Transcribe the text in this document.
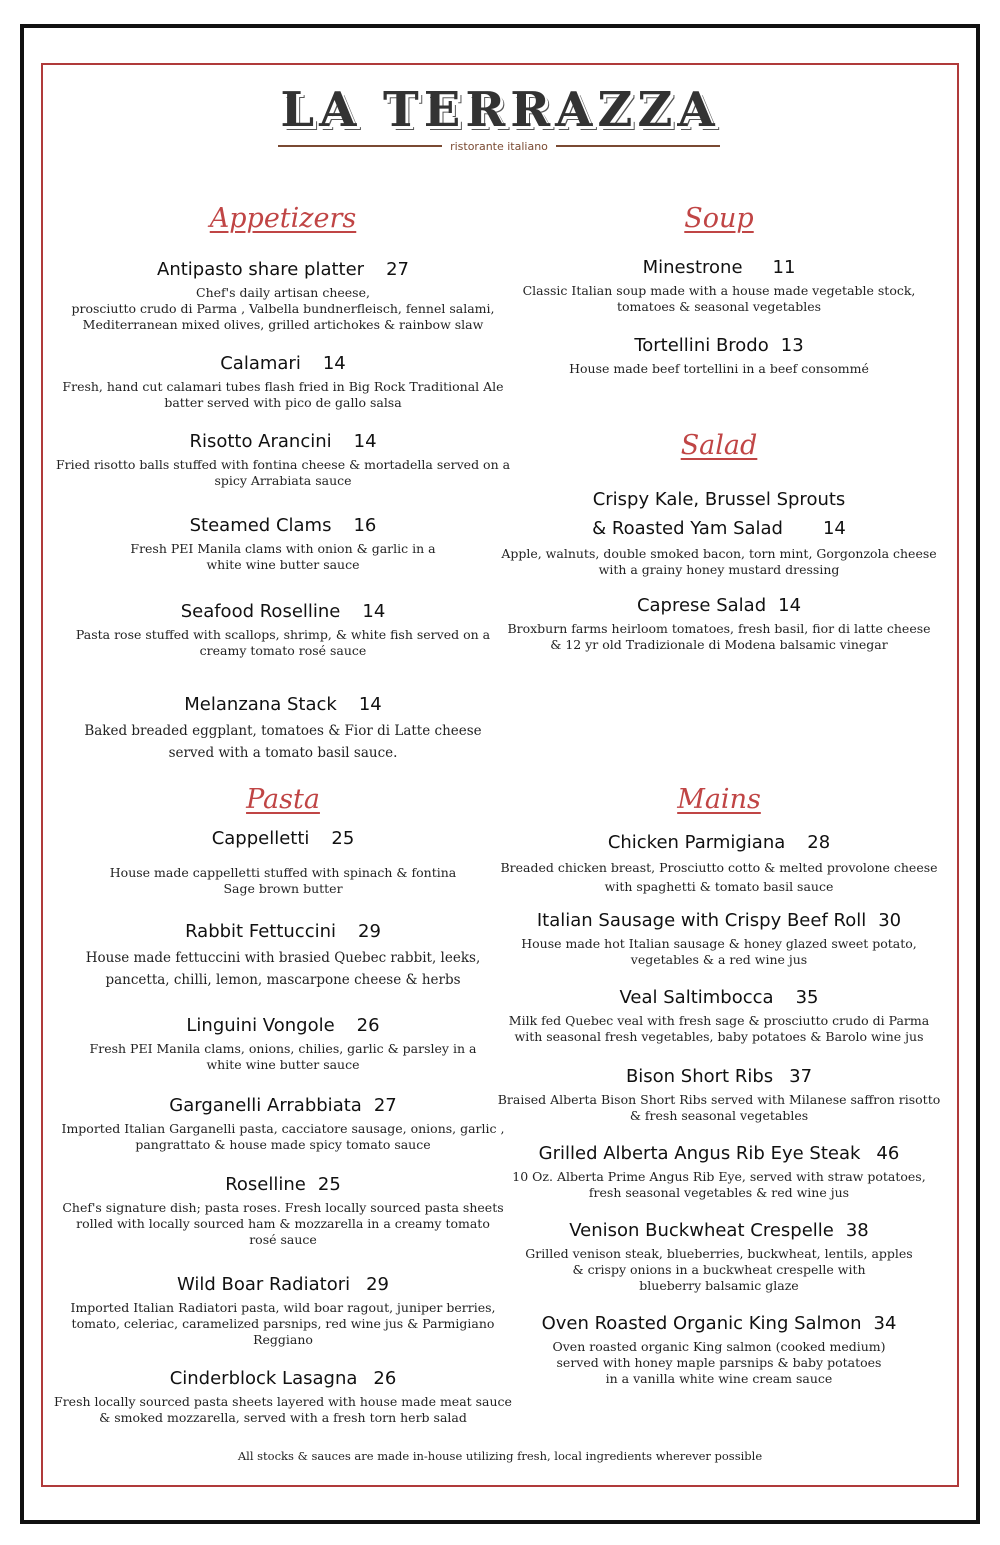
LA TERRAZZA
ristorante italiano
Appetizers
Antipasto share platter 27
Chef's daily artisan cheese,
prosciutto crudo di Parma , Valbella bundnerfleisch, fennel salami,
Mediterranean mixed olives, grilled artichokes & rainbow slaw
Calamari 14
Fresh, hand cut calamari tubes flash fried in Big Rock Traditional Ale
batter served with pico de gallo salsa
Risotto Arancini 14
Fried risotto balls stuffed with fontina cheese & mortadella served on a
spicy Arrabiata sauce
Steamed Clams 16
Fresh PEI Manila clams with onion & garlic in a
white wine butter sauce
Seafood Roselline 14
Pasta rose stuffed with scallops, shrimp, & white fish served on a
creamy tomato rosé sauce
Melanzana Stack 14
Baked breaded eggplant, tomatoes & Fior di Latte cheese
served with a tomato basil sauce.
Pasta
Cappelletti 25
House made cappelletti stuffed with spinach & fontina
Sage brown butter
Rabbit Fettuccini 29
House made fettuccini with brasied Quebec rabbit, leeks,
pancetta, chilli, lemon, mascarpone cheese & herbs
Linguini Vongole 26
Fresh PEI Manila clams, onions, chilies, garlic & parsley in a
white wine butter sauce
Garganelli Arrabbiata 27
Imported Italian Garganelli pasta, cacciatore sausage, onions, garlic ,
pangrattato & house made spicy tomato sauce
Roselline 25
Chef's signature dish; pasta roses. Fresh locally sourced pasta sheets
rolled with locally sourced ham & mozzarella in a creamy tomato
rosé sauce
Wild Boar Radiatori 29
Imported Italian Radiatori pasta, wild boar ragout, juniper berries,
tomato, celeriac, caramelized parsnips, red wine jus & Parmigiano
Reggiano
Cinderblock Lasagna 26
Fresh locally sourced pasta sheets layered with house made meat sauce
& smoked mozzarella, served with a fresh torn herb salad
Soup
Minestrone 11
Classic Italian soup made with a house made vegetable stock,
tomatoes & seasonal vegetables
Tortellini Brodo 13
House made beef tortellini in a beef consommé
Salad
Crispy Kale, Brussel Sprouts
& Roasted Yam Salad 14
Apple, walnuts, double smoked bacon, torn mint, Gorgonzola cheese
with a grainy honey mustard dressing
Caprese Salad 14
Broxburn farms heirloom tomatoes, fresh basil, fior di latte cheese
& 12 yr old Tradizionale di Modena balsamic vinegar
Mains
Chicken Parmigiana 28
Breaded chicken breast, Prosciutto cotto & melted provolone cheese
with spaghetti & tomato basil sauce
Italian Sausage with Crispy Beef Roll 30
House made hot Italian sausage & honey glazed sweet potato,
vegetables & a red wine jus
Veal Saltimbocca 35
Milk fed Quebec veal with fresh sage & prosciutto crudo di Parma
with seasonal fresh vegetables, baby potatoes & Barolo wine jus
Bison Short Ribs 37
Braised Alberta Bison Short Ribs served with Milanese saffron risotto
& fresh seasonal vegetables
Grilled Alberta Angus Rib Eye Steak 46
10 Oz. Alberta Prime Angus Rib Eye, served with straw potatoes,
fresh seasonal vegetables & red wine jus
Venison Buckwheat Crespelle 38
Grilled venison steak, blueberries, buckwheat, lentils, apples
& crispy onions in a buckwheat crespelle with
blueberry balsamic glaze
Oven Roasted Organic King Salmon 34
Oven roasted organic King salmon (cooked medium)
served with honey maple parsnips & baby potatoes
in a vanilla white wine cream sauce
All stocks & sauces are made in-house utilizing fresh, local ingredients wherever possible
